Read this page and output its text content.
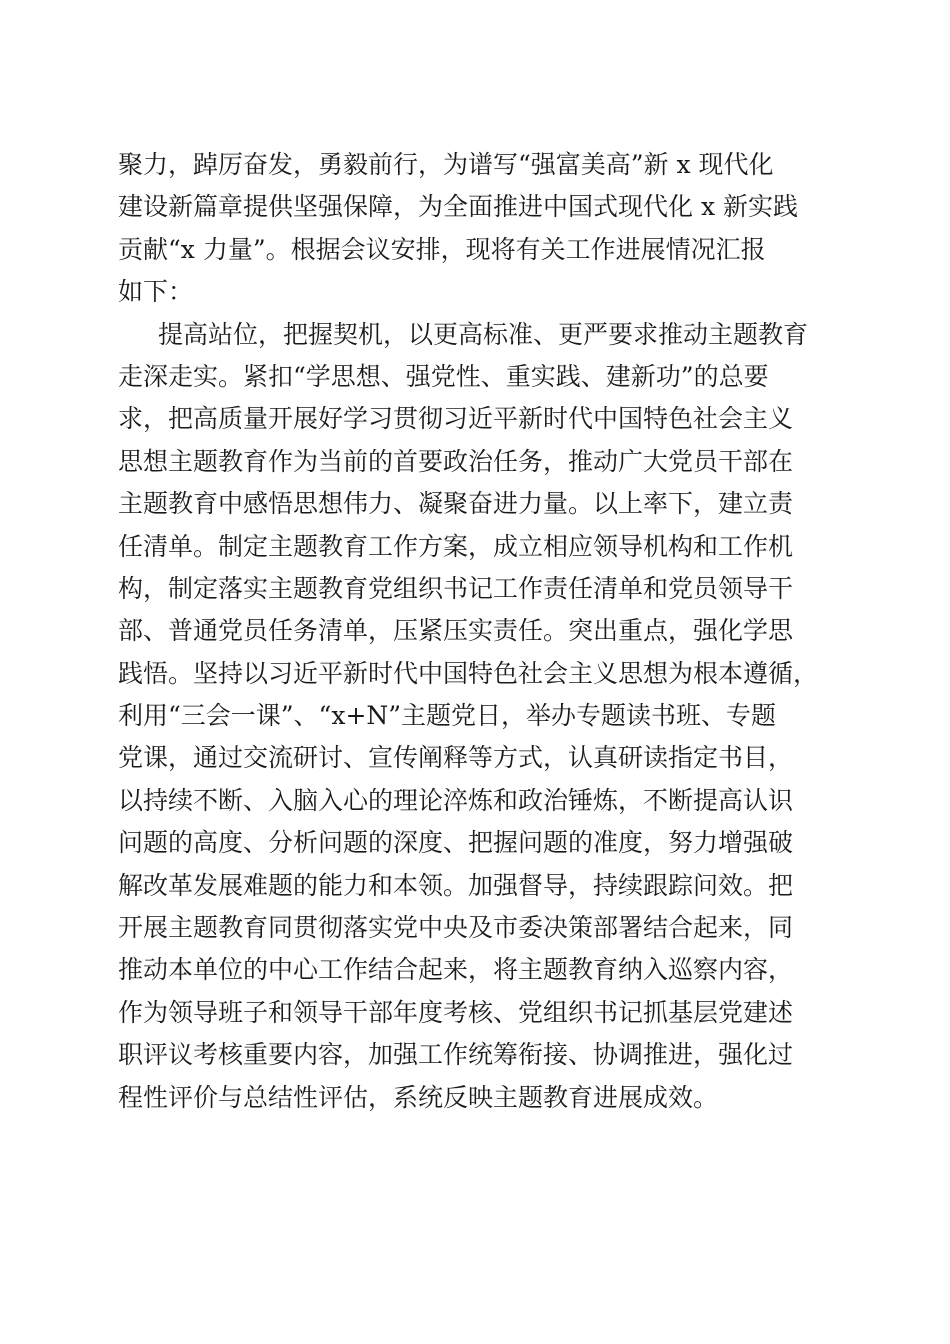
聚力，踔厉奋发，勇毅前行，为谱写“强富美高”新 x 现代化
建设新篇章提供坚强保障，为全面推进中国式现代化 x 新实践
贡献“x 力量”。根据会议安排，现将有关工作进展情况汇报
如下：
提高站位，把握契机，以更高标准、更严要求推动主题教育
走深走实。紧扣“学思想、强党性、重实践、建新功”的总要
求，把高质量开展好学习贯彻习近平新时代中国特色社会主义
思想主题教育作为当前的首要政治任务，推动广大党员干部在
主题教育中感悟思想伟力、凝聚奋进力量。以上率下，建立责
任清单。制定主题教育工作方案，成立相应领导机构和工作机
构，制定落实主题教育党组织书记工作责任清单和党员领导干
部、普通党员任务清单，压紧压实责任。突出重点，强化学思
践悟。坚持以习近平新时代中国特色社会主义思想为根本遵循，
利用“三会一课”、“x+N”主题党日，举办专题读书班、专题
党课，通过交流研讨、宣传阐释等方式，认真研读指定书目，
以持续不断、入脑入心的理论淬炼和政治锤炼，不断提高认识
问题的高度、分析问题的深度、把握问题的准度，努力增强破
解改革发展难题的能力和本领。加强督导，持续跟踪问效。把
开展主题教育同贯彻落实党中央及市委决策部署结合起来，同
推动本单位的中心工作结合起来，将主题教育纳入巡察内容，
作为领导班子和领导干部年度考核、党组织书记抓基层党建述
职评议考核重要内容，加强工作统筹衔接、协调推进，强化过
程性评价与总结性评估，系统反映主题教育进展成效。
